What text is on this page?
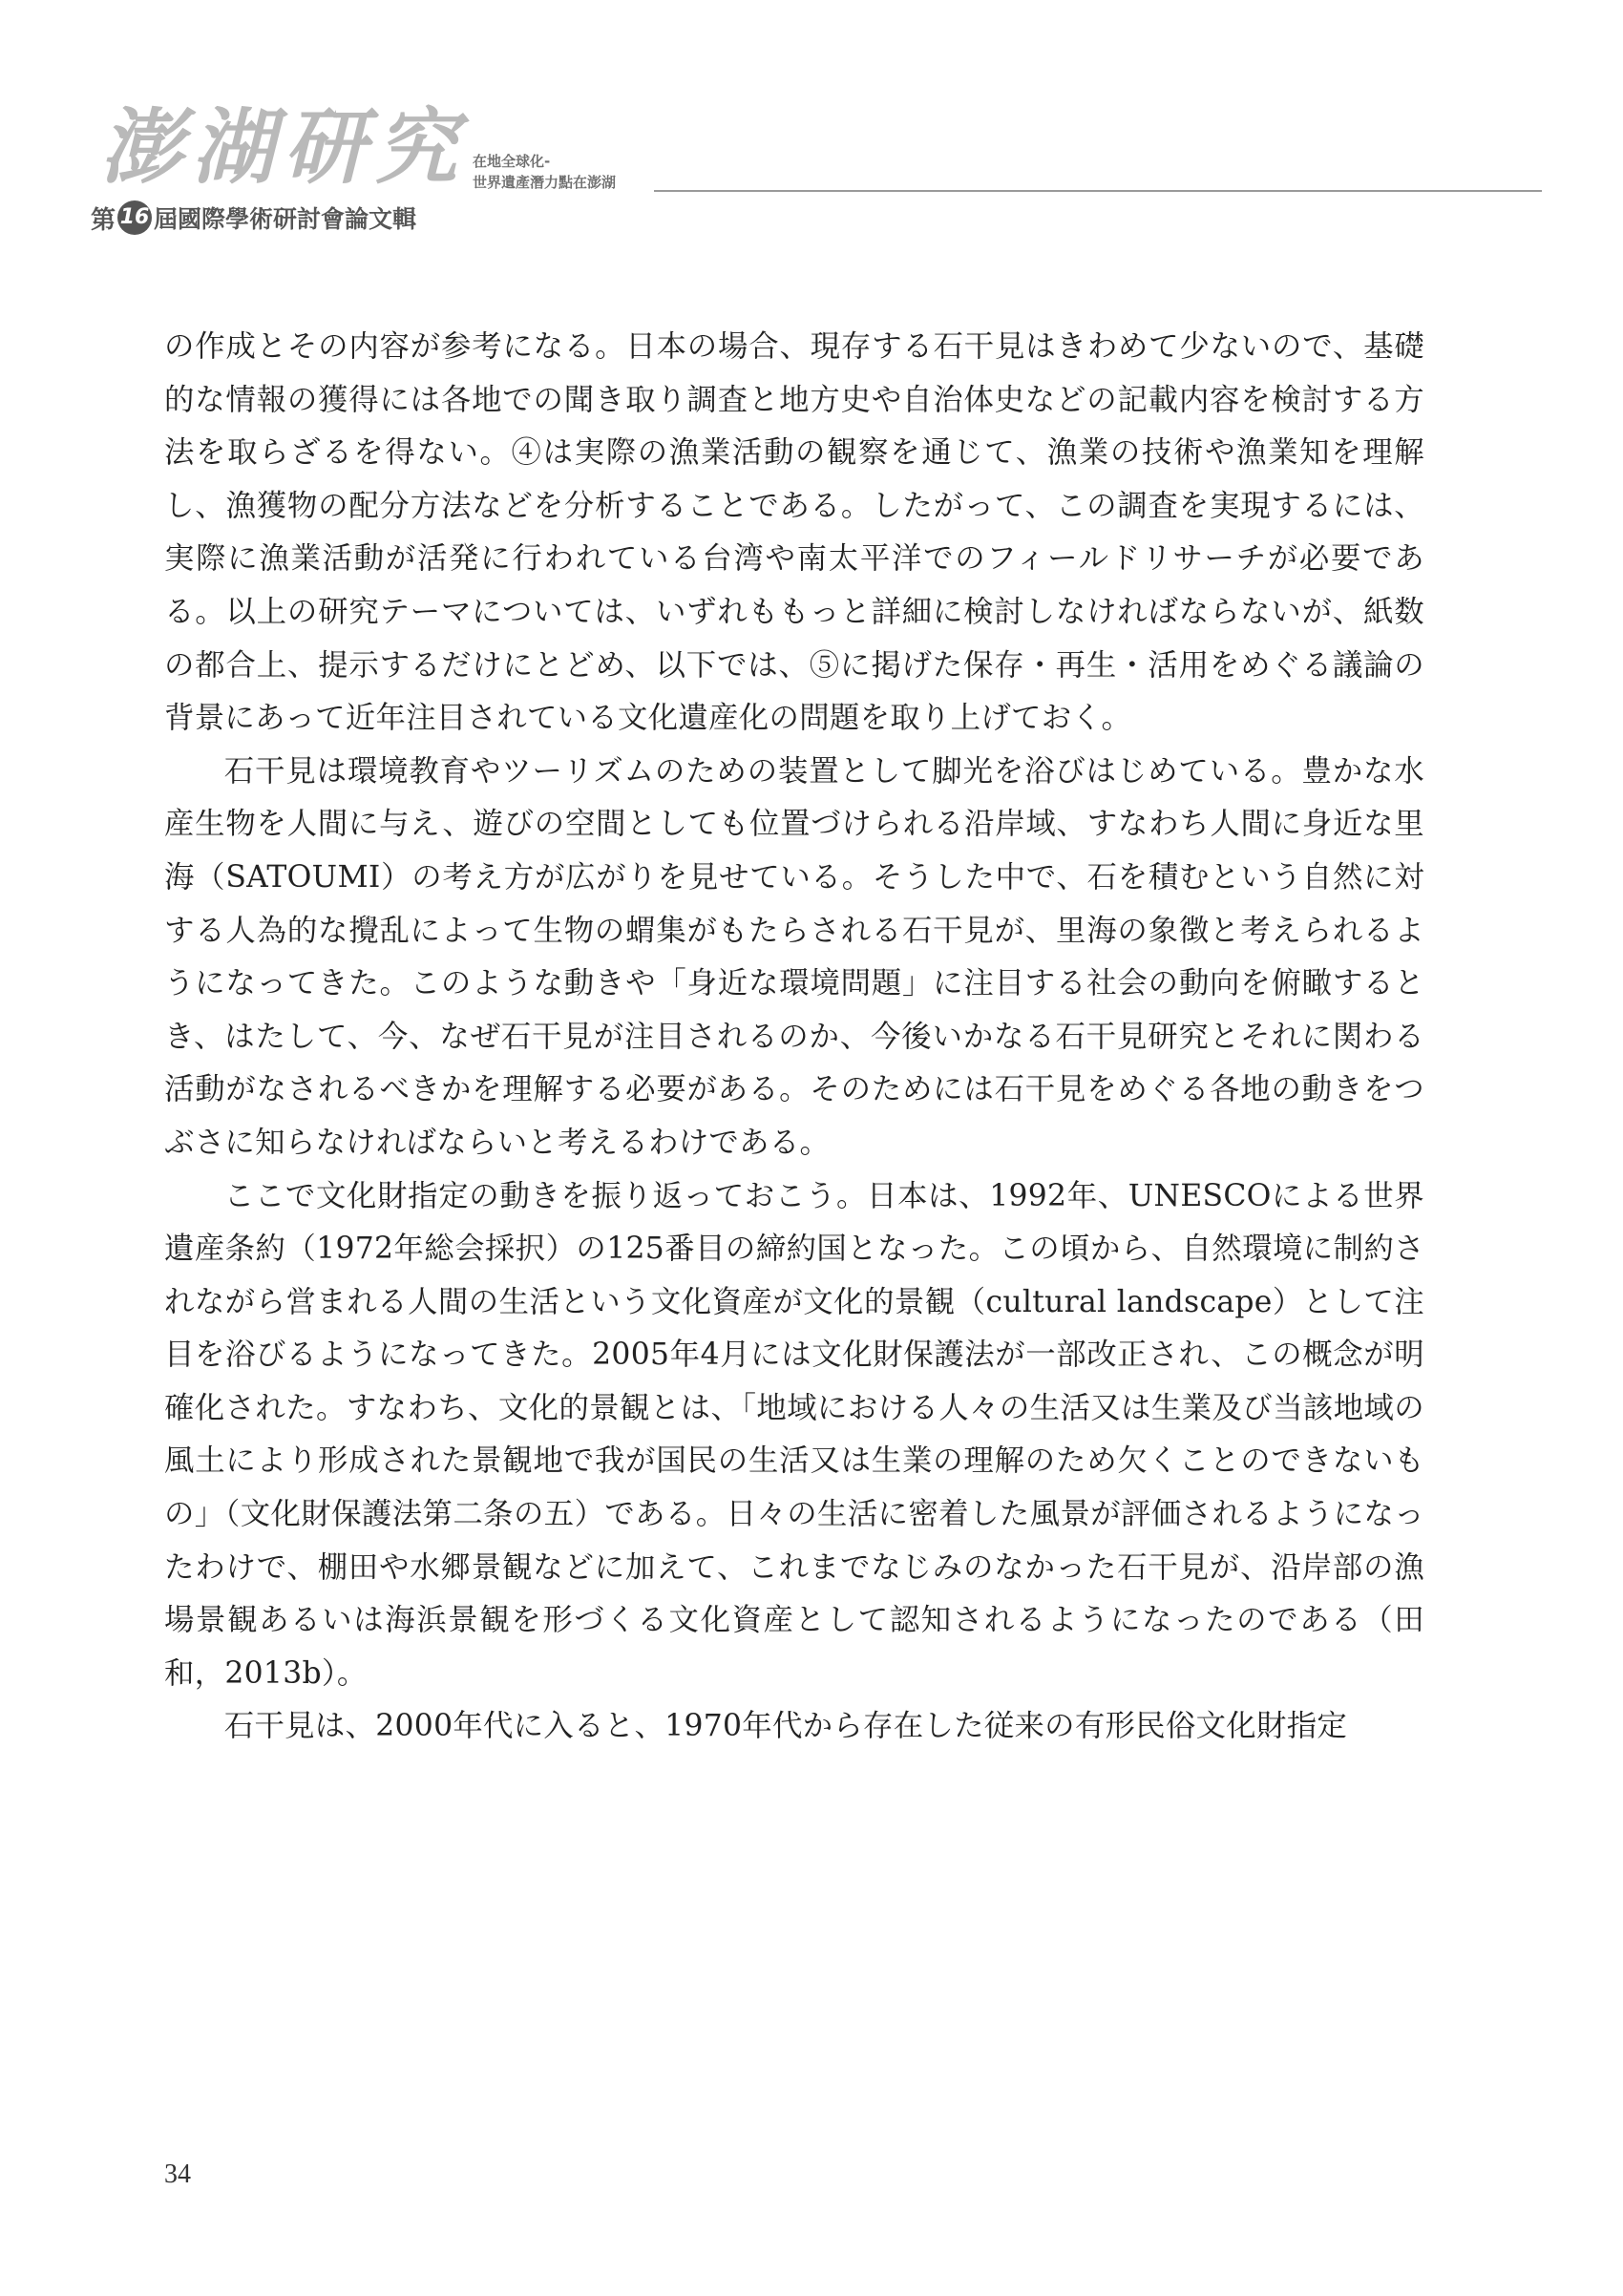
澎湖研究
第 16 屆國際學術研討會論文輯
在地全球化-
世界遺產潛力點在澎湖

の作成とその内容が参考になる。日本の場合、現存する石干見はきわめて少ないので、基礎的な情報の獲得には各地での聞き取り調査と地方史や自治体史などの記載内容を検討する方法を取らざるを得ない。④は実際の漁業活動の観察を通じて、漁業の技術や漁業知を理解し、漁獲物の配分方法などを分析することである。したがって、この調査を実現するには、実際に漁業活動が活発に行われている台湾や南太平洋でのフィールドリサーチが必要である。以上の研究テーマについては、いずれももっと詳細に検討しなければならないが、紙数の都合上、提示するだけにとどめ、以下では、⑤に掲げた保存・再生・活用をめぐる議論の背景にあって近年注目されている文化遺産化の問題を取り上げておく。

石干見は環境教育やツーリズムのための装置として脚光を浴びはじめている。豊かな水産生物を人間に与え、遊びの空間としても位置づけられる沿岸域、すなわち人間に身近な里海（SATOUMI）の考え方が広がりを見せている。そうした中で、石を積むという自然に対する人為的な攪乱によって生物の蝟集がもたらされる石干見が、里海の象徴と考えられるようになってきた。このような動きや「身近な環境問題」に注目する社会の動向を俯瞰するとき、はたして、今、なぜ石干見が注目されるのか、今後いかなる石干見研究とそれに関わる活動がなされるべきかを理解する必要がある。そのためには石干見をめぐる各地の動きをつぶさに知らなければならいと考えるわけである。

ここで文化財指定の動きを振り返っておこう。日本は、1992年、UNESCOによる世界遺産条約（1972年総会採択）の125番目の締約国となった。この頃から、自然環境に制約されながら営まれる人間の生活という文化資産が文化的景観（cultural landscape）として注目を浴びるようになってきた。2005年4月には文化財保護法が一部改正され、この概念が明確化された。すなわち、文化的景観とは、「地域における人々の生活又は生業及び当該地域の風土により形成された景観地で我が国民の生活又は生業の理解のため欠くことのできないもの」（文化財保護法第二条の五）である。日々の生活に密着した風景が評価されるようになったわけで、棚田や水郷景観などに加えて、これまでなじみのなかった石干見が、沿岸部の漁場景観あるいは海浜景観を形づくる文化資産として認知されるようになったのである（田和，2013b）。

石干見は、2000年代に入ると、1970年代から存在した従来の有形民俗文化財指定

34
